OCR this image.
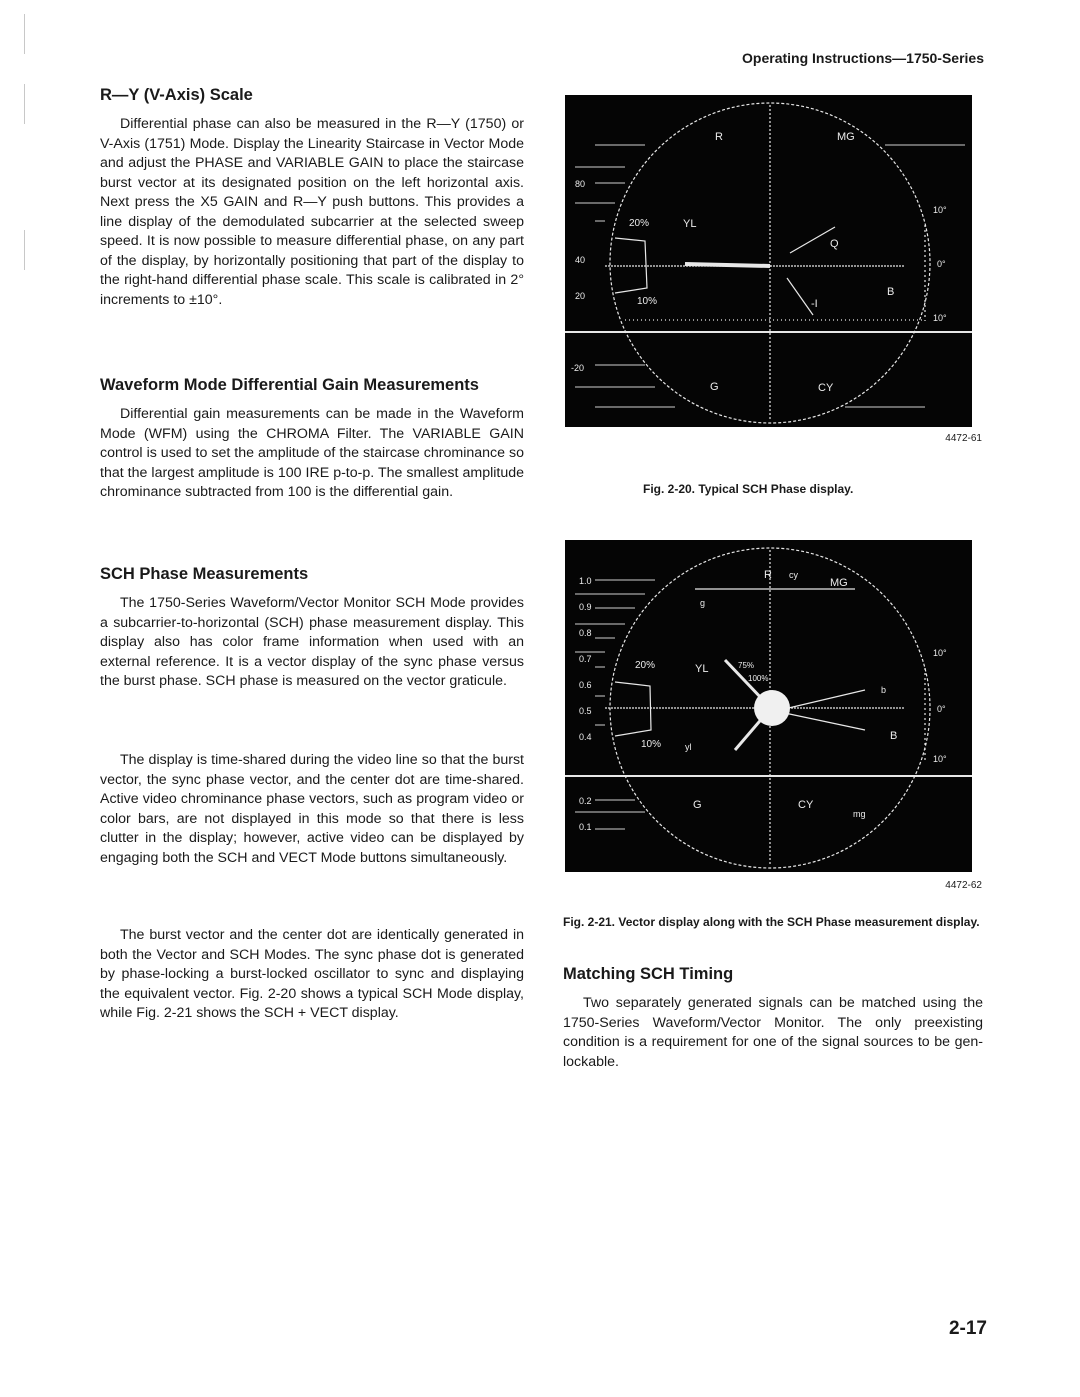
Operating Instructions—1750-Series
R—Y (V-Axis) Scale

Differential phase can also be measured in the R—Y (1750) or V-Axis (1751) Mode. Display the Linearity Staircase in Vector Mode and adjust the PHASE and VARIABLE GAIN to place the staircase burst vector at its designated position on the left horizontal axis. Next press the X5 GAIN and R—Y push buttons. This provides a line display of the demodulated subcarrier at the selected sweep speed. It is now possible to measure differential phase, on any part of the display, by horizontally positioning that part of the display to the right-hand differential phase scale. This scale is calibrated in 2° increments to ±10°.

Waveform Mode Differential Gain Measurements

Differential gain measurements can be made in the Waveform Mode (WFM) using the CHROMA Filter. The VARIABLE GAIN control is used to set the amplitude of the staircase chrominance so that the largest amplitude is 100 IRE p-to-p. The smallest amplitude chrominance subtracted from 100 is the differential gain.

SCH Phase Measurements

The 1750-Series Waveform/Vector Monitor SCH Mode provides a subcarrier-to-horizontal (SCH) phase measurement display. This display also has color frame information when used with an external reference. It is a vector display of the sync phase versus the burst phase. SCH phase is measured on the vector graticule.

The display is time-shared during the video line so that the burst vector, the sync phase vector, and the center dot are time-shared. Active video chrominance phase vectors, such as program video or color bars, are not displayed in this mode so that there is less clutter in the display; however, active video can be displayed by engaging both the SCH and VECT Mode buttons simultaneously.

The burst vector and the center dot are identically generated in both the Vector and SCH Modes. The sync phase dot is generated by phase-locking a burst-locked oscillator to sync and displaying the equivalent vector. Fig. 2-20 shows a typical SCH Mode display, while Fig. 2-21 shows the SCH + VECT display.

R	MG
YL
Q
B
-I
G	CY
20%
10%
80
40
20
-20
10°
0°
10°
4472-61
Fig. 2-20. Typical SCH Phase display.
R cy
MG
g
YL
b
B
yl
G	CY
mg
75%
100%
20%
10%
1.0
0.9
0.8
0.7
0.6
0.5
0.4
0.2
0.1
10°
0°
10°
4472-62
Fig. 2-21. Vector display along with the SCH Phase measurement display.
Matching SCH Timing

Two separately generated signals can be matched using the 1750-Series Waveform/Vector Monitor. The only preexisting condition is a requirement for one of the signal sources to be gen-lockable.

2-17
